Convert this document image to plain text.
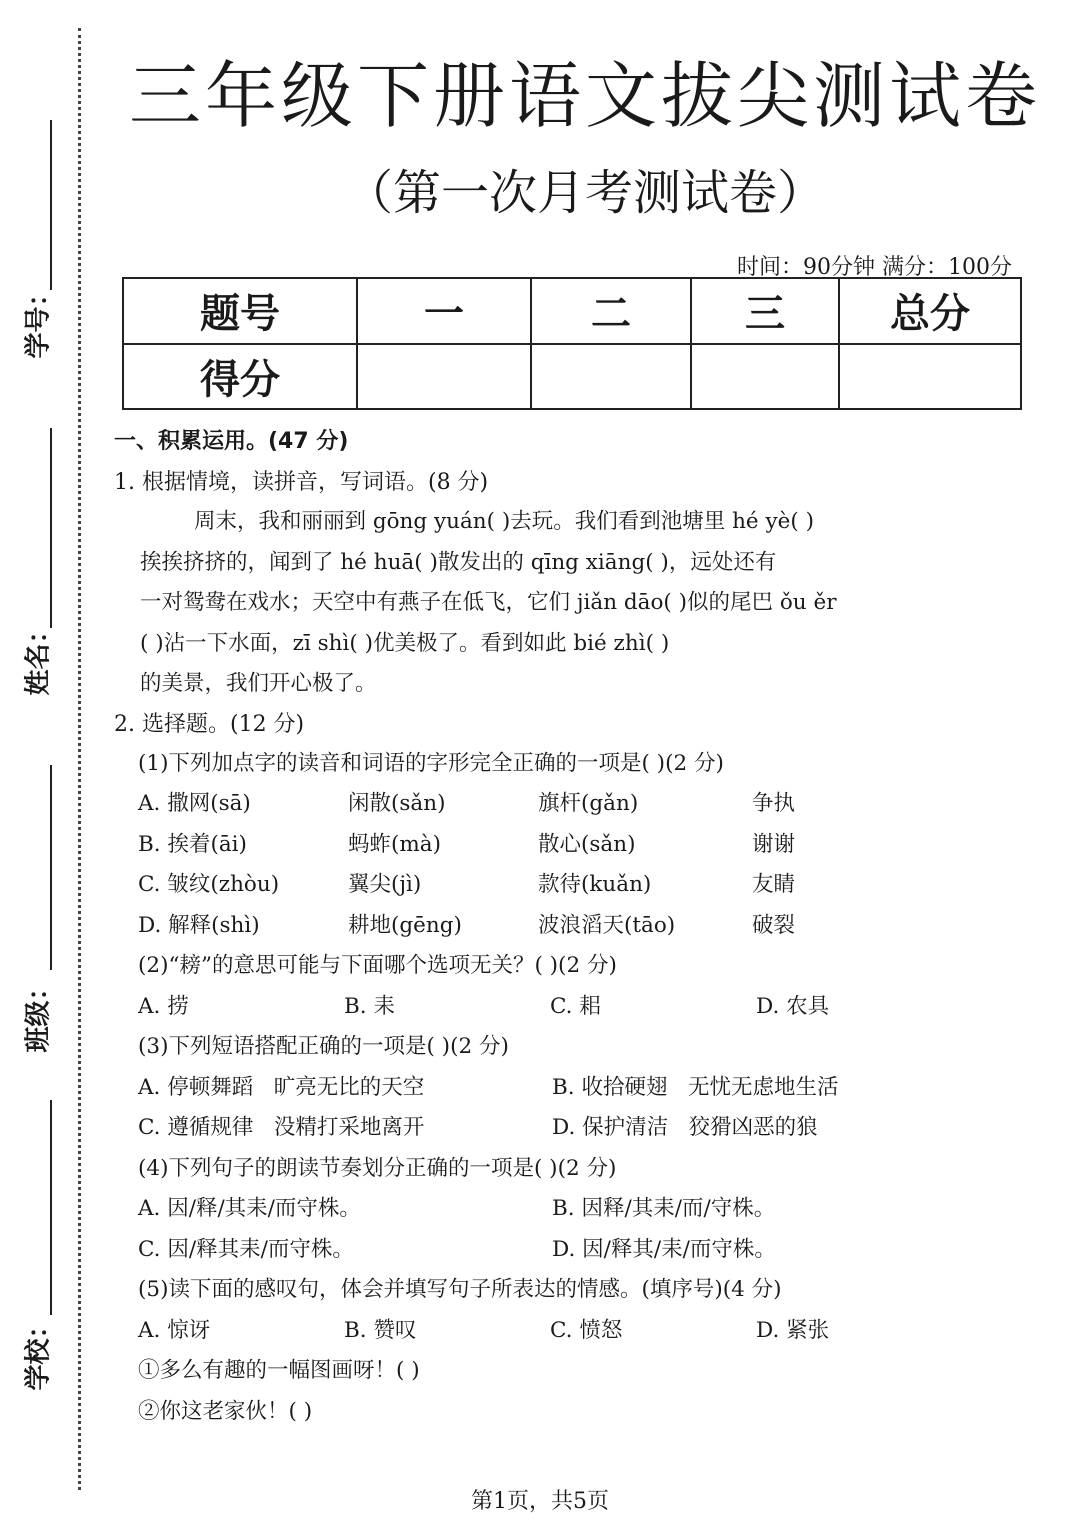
学号：
姓名：
班级：
学校：
三年级下册语文拔尖测试卷
（第一次月考测试卷）
时间：90分钟 满分：100分
题号	一	二	三	总分
得分				
一、积累运用。(47 分)
1. 根据情境，读拼音，写词语。(8 分)
周末，我和丽丽到 gōng yuán( )去玩。我们看到池塘里 hé yè( )
挨挨挤挤的，闻到了 hé huā( )散发出的 qīng xiāng( )，远处还有
一对鸳鸯在戏水；天空中有燕子在低飞，它们 jiǎn dāo( )似的尾巴 ǒu ěr
( )沾一下水面，zī shì( )优美极了。看到如此 bié zhì( )
的美景，我们开心极了。
2. 选择题。(12 分)
(1)下列加点字的读音和词语的字形完全正确的一项是( )(2 分)
A. 撒网(sā)	闲散(sǎn)	旗杆(gǎn)	争执
B. 挨着(āi)	蚂蚱(mà)	散心(sǎn)	谢谢
C. 皱纹(zhòu)	翼尖(jì)	款待(kuǎn)	友睛
D. 解释(shì)	耕地(gēng)	波浪滔天(tāo)	破裂
(2)“耪”的意思可能与下面哪个选项无关？( )(2 分)
A. 捞	B. 耒	C. 耜	D. 农具
(3)下列短语搭配正确的一项是( )(2 分)
A. 停顿舞蹈   旷亮无比的天空	B. 收拾硬翅   无忧无虑地生活
C. 遵循规律   没精打采地离开	D. 保护清洁   狡猾凶恶的狼
(4)下列句子的朗读节奏划分正确的一项是( )(2 分)
A. 因/释/其耒/而守株。	B. 因释/其耒/而/守株。
C. 因/释其耒/而守株。	D. 因/释其/耒/而守株。
(5)读下面的感叹句，体会并填写句子所表达的情感。(填序号)(4 分)
A. 惊讶	B. 赞叹	C. 愤怒	D. 紧张
①多么有趣的一幅图画呀！( )
②你这老家伙！( )
第1页，共5页
